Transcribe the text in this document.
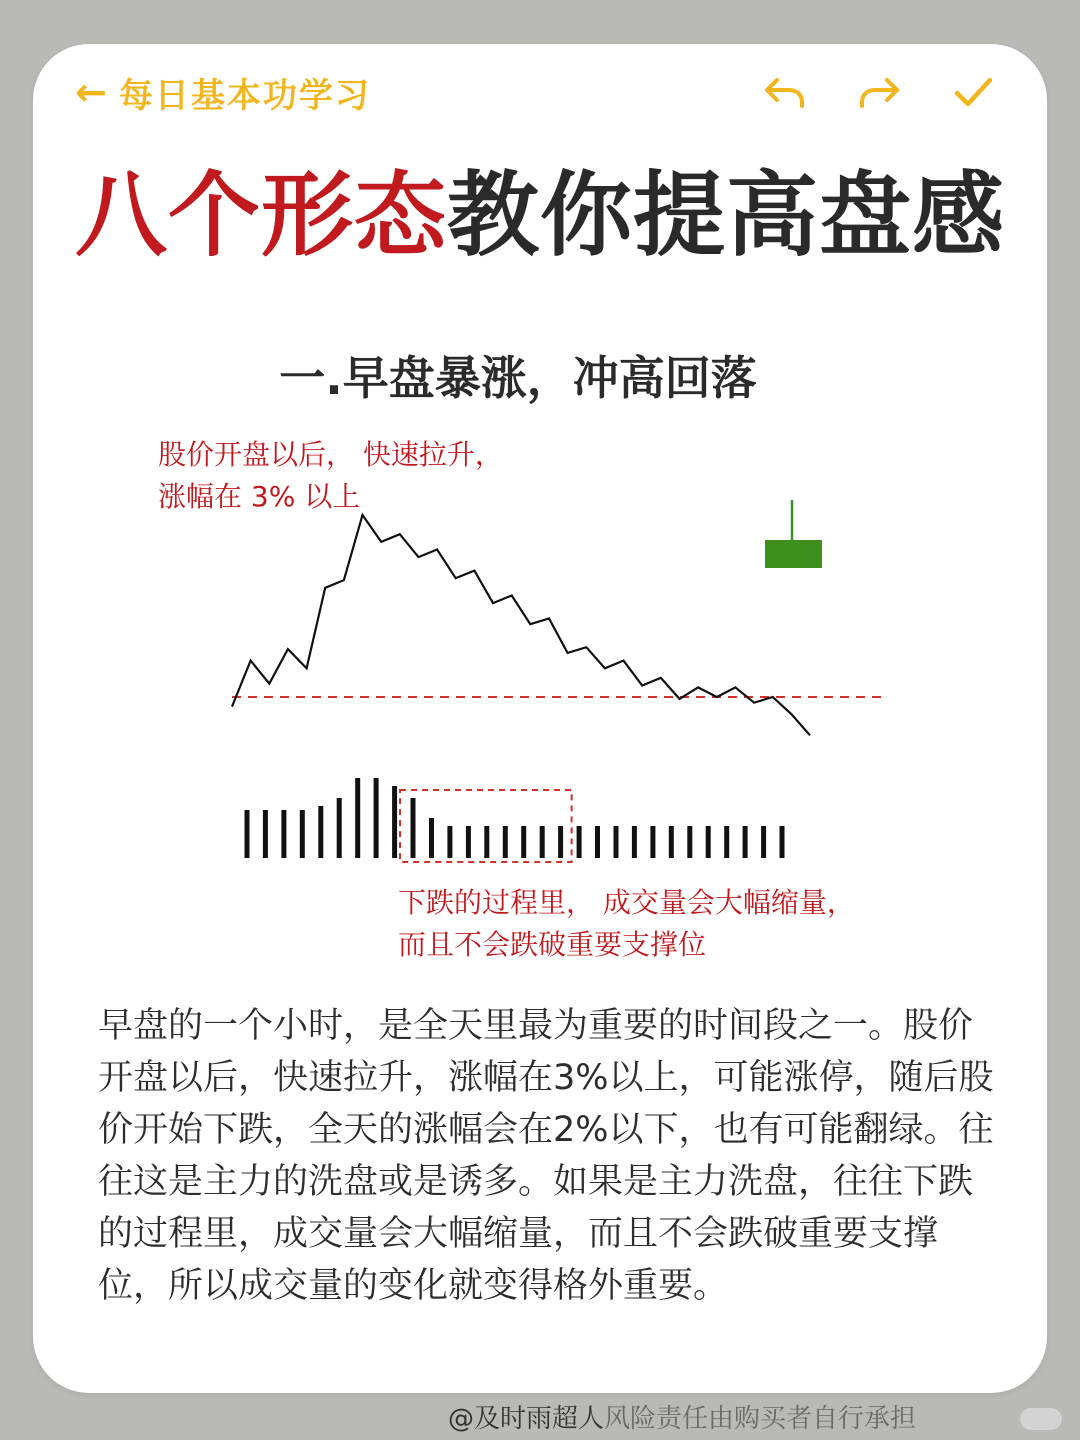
← 每日基本功学习
八个形态教你提高盘感
一.早盘暴涨，冲高回落
股价开盘以后， 快速拉升，
涨幅在 3% 以上
下跌的过程里， 成交量会大幅缩量，
而且不会跌破重要支撑位
早盘的一个小时，是全天里最为重要的时间段之一。股价开盘以后，快速拉升，涨幅在3%以上，可能涨停，随后股价开始下跌，全天的涨幅会在2%以下，也有可能翻绿。往往这是主力的洗盘或是诱多。如果是主力洗盘，往往下跌的过程里，成交量会大幅缩量，而且不会跌破重要支撑位，所以成交量的变化就变得格外重要。
@及时雨超人风险责任由购买者自行承担
